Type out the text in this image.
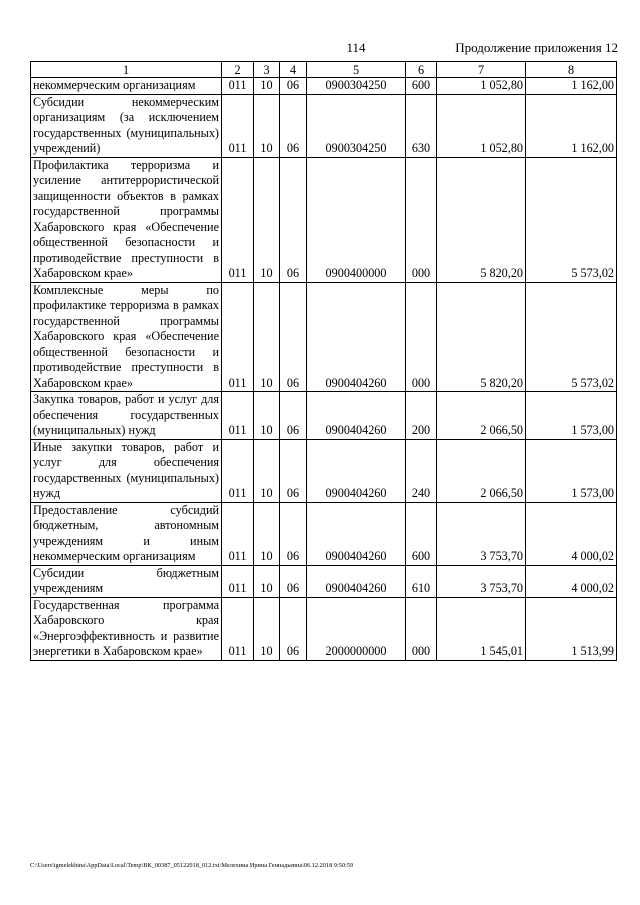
114	Продолжение приложения 12
1	2	3	4	5	6	7	8
некоммерческим организациям	011	10	06	0900304250	600	1 052,80	1 162,00
Субсидии некоммерческим организациям (за исключением государственных (муниципальных) учреждений)	011	10	06	0900304250	630	1 052,80	1 162,00
Профилактика терроризма и усиление антитеррористической защищенности объектов в рамках государственной программы Хабаровского края «Обеспечение общественной безопасности и противодействие преступности в Хабаровском крае»	011	10	06	0900400000	000	5 820,20	5 573,02
Комплексные меры по профилактике терроризма в рамках государственной программы Хабаровского края «Обеспечение общественной безопасности и противодействие преступности в Хабаровском крае»	011	10	06	0900404260	000	5 820,20	5 573,02
Закупка товаров, работ и услуг для обеспечения государственных (муниципальных) нужд	011	10	06	0900404260	200	2 066,50	1 573,00
Иные закупки товаров, работ и услуг для обеспечения государственных (муниципальных) нужд	011	10	06	0900404260	240	2 066,50	1 573,00
Предоставление субсидий бюджетным, автономным учреждениям и иным некоммерческим организациям	011	10	06	0900404260	600	3 753,70	4 000,02
Субсидии бюджетным учреждениям	011	10	06	0900404260	610	3 753,70	4 000,02
Государственная программа Хабаровского края «Энергоэффективность и развитие энергетики в Хабаровском крае»	011	10	06	2000000000	000	1 545,01	1 513,99
C:\Users\igmelekhina\AppData\Local\Temp\ВК_00387_05122018_012.txt\Мелехина Ирина Геннадьевна\06.12.2018 9:50:59
